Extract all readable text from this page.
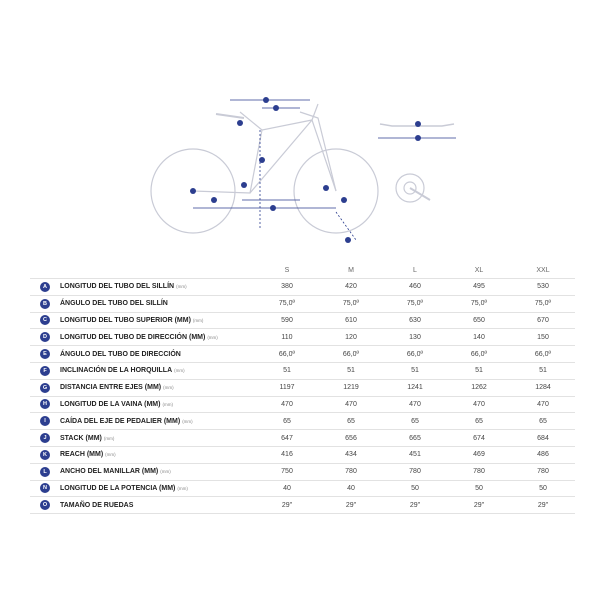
		S	M	L	XL	XXL
A	LONGITUD DEL TUBO DEL SILLÍN (mm)	380	420	460	495	530
B	ÁNGULO DEL TUBO DEL SILLÍN	75,0º	75,0º	75,0º	75,0º	75,0º
C	LONGITUD DEL TUBO SUPERIOR (MM) (mm)	590	610	630	650	670
D	LONGITUD DEL TUBO DE DIRECCIÓN (MM) (mm)	110	120	130	140	150
E	ÁNGULO DEL TUBO DE DIRECCIÓN	66,0º	66,0º	66,0º	66,0º	66,0º
F	INCLINACIÓN DE LA HORQUILLA (mm)	51	51	51	51	51
G	DISTANCIA ENTRE EJES (MM) (mm)	1197	1219	1241	1262	1284
H	LONGITUD DE LA VAINA (MM) (mm)	470	470	470	470	470
I	CAÍDA DEL EJE DE PEDALIER (MM) (mm)	65	65	65	65	65
J	STACK (MM) (mm)	647	656	665	674	684
K	REACH (MM) (mm)	416	434	451	469	486
L	ANCHO DEL MANILLAR (MM) (mm)	750	780	780	780	780
N	LONGITUD DE LA POTENCIA (MM) (mm)	40	40	50	50	50
O	TAMAÑO DE RUEDAS	29"	29"	29"	29"	29"
